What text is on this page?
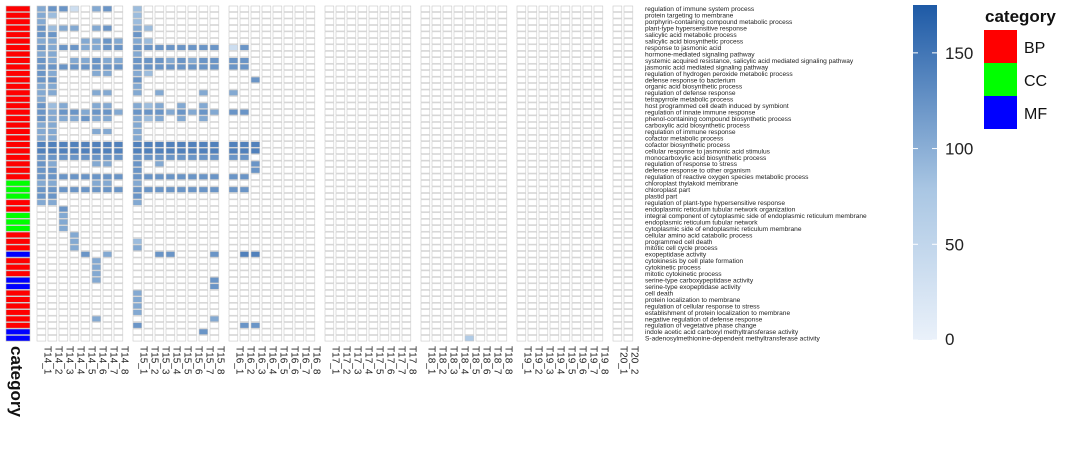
regulation of immune system process
protein targeting to membrane
porphyrin-containing compound metabolic process
plant-type hypersensitive response
salicylic acid metabolic process
salicylic acid biosynthetic process
response to jasmonic acid
hormone-mediated signaling pathway
systemic acquired resistance, salicylic acid mediated signaling pathway
jasmonic acid mediated signaling pathway
regulation of hydrogen peroxide metabolic process
defense response to bacterium
organic acid biosynthetic process
regulation of defense response
tetrapyrrole metabolic process
host programmed cell death induced by symbiont
regulation of innate immune response
phenol-containing compound biosynthetic process
carboxylic acid biosynthetic process
regulation of immune response
cofactor metabolic process
cofactor biosynthetic process
cellular response to jasmonic acid stimulus
monocarboxylic acid biosynthetic process
regulation of response to stress
defense response to other organism
regulation of reactive oxygen species metabolic process
chloroplast thylakoid membrane
chloroplast part
plastid part
regulation of plant-type hypersensitive response
endoplasmic reticulum tubular network organization
integral component of cytoplasmic side of endoplasmic reticulum membrane
endoplasmic reticulum tubular network
cytoplasmic side of endoplasmic reticulum membrane
cellular amino acid catabolic process
programmed cell death
mitotic cell cycle process
exopeptidase activity
cytokinesis by cell plate formation
cytokinetic process
mitotic cytokinetic process
serine-type carboxypeptidase activity
serine-type exopeptidase activity
cell death
protein localization to membrane
regulation of cellular response to stress
establishment of protein localization to membrane
negative regulation of defense response
regulation of vegetative phase change
indole acetic acid carboxyl methyltransferase activity
S-adenosylmethionine-dependent methyltransferase activity
T14_1 T14_2 T14_3 T14_4 T14_5 T14_6 T14_7 T14_8 T15_1 T15_2 T15_3 T15_4 T15_5 T15_6 T15_7 T15_8 T16_1 T16_2 T16_3 T16_4 T16_5 T16_6 T16_7 T16_8 T17_1 T17_2 T17_3 T17_4 T17_5 T17_6 T17_7 T17_8 T18_1 T18_2 T18_3 T18_4 T18_5 T18_6 T18_7 T18_8 T19_1 T19_2 T19_3 T19_4 T19_5 T19_6 T19_7 T19_8 T20_1 T20_2
category
0
50
100
150
category
BP
CC
MF
